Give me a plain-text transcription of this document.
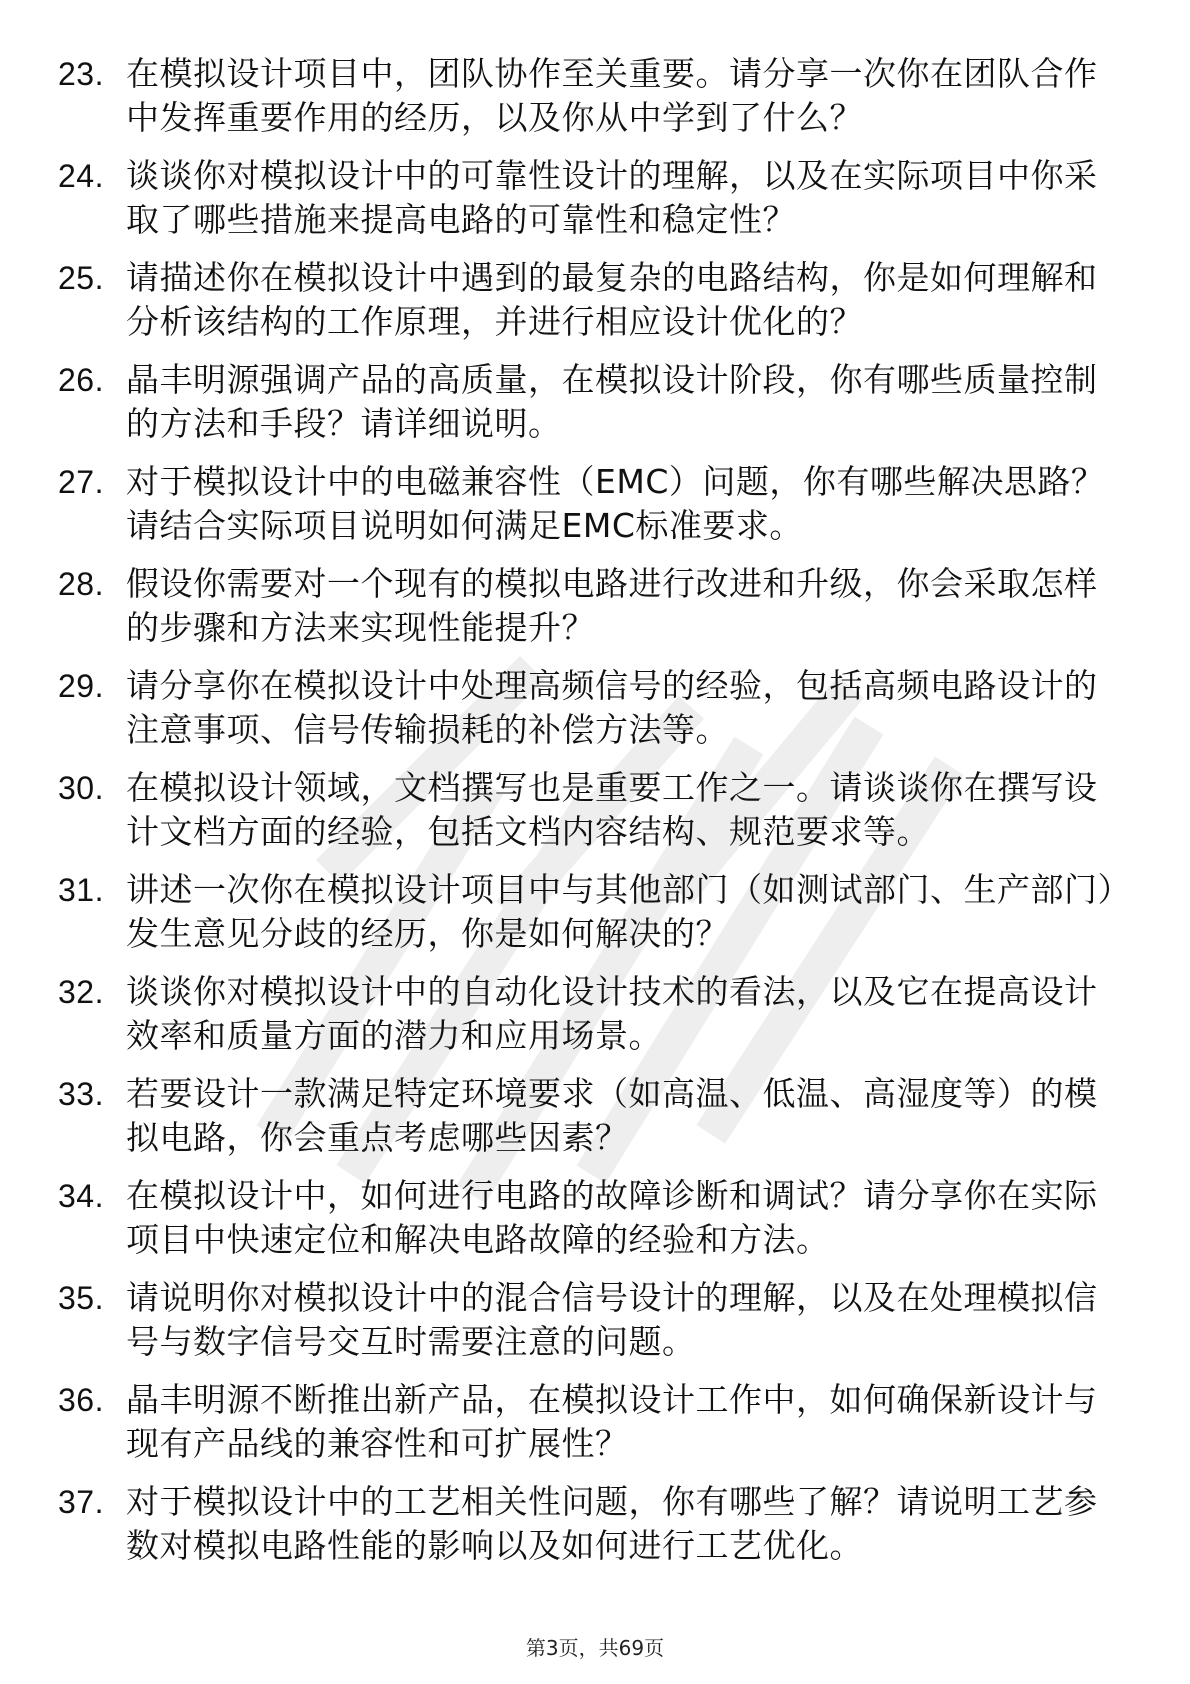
23. 在模拟设计项目中，团队协作至关重要。请分享一次你在团队合作中发挥重要作用的经历，以及你从中学到了什么？
24. 谈谈你对模拟设计中的可靠性设计的理解，以及在实际项目中你采取了哪些措施来提高电路的可靠性和稳定性？
25. 请描述你在模拟设计中遇到的最复杂的电路结构，你是如何理解和分析该结构的工作原理，并进行相应设计优化的？
26. 晶丰明源强调产品的高质量，在模拟设计阶段，你有哪些质量控制的方法和手段？请详细说明。
27. 对于模拟设计中的电磁兼容性（EMC）问题，你有哪些解决思路？请结合实际项目说明如何满足EMC标准要求。
28. 假设你需要对一个现有的模拟电路进行改进和升级，你会采取怎样的步骤和方法来实现性能提升？
29. 请分享你在模拟设计中处理高频信号的经验，包括高频电路设计的注意事项、信号传输损耗的补偿方法等。
30. 在模拟设计领域，文档撰写也是重要工作之一。请谈谈你在撰写设计文档方面的经验，包括文档内容结构、规范要求等。
31. 讲述一次你在模拟设计项目中与其他部门（如测试部门、生产部门）发生意见分歧的经历，你是如何解决的？
32. 谈谈你对模拟设计中的自动化设计技术的看法，以及它在提高设计效率和质量方面的潜力和应用场景。
33. 若要设计一款满足特定环境要求（如高温、低温、高湿度等）的模拟电路，你会重点考虑哪些因素？
34. 在模拟设计中，如何进行电路的故障诊断和调试？请分享你在实际项目中快速定位和解决电路故障的经验和方法。
35. 请说明你对模拟设计中的混合信号设计的理解，以及在处理模拟信号与数字信号交互时需要注意的问题。
36. 晶丰明源不断推出新产品，在模拟设计工作中，如何确保新设计与现有产品线的兼容性和可扩展性？
37. 对于模拟设计中的工艺相关性问题，你有哪些了解？请说明工艺参数对模拟电路性能的影响以及如何进行工艺优化。
第3页，共69页
